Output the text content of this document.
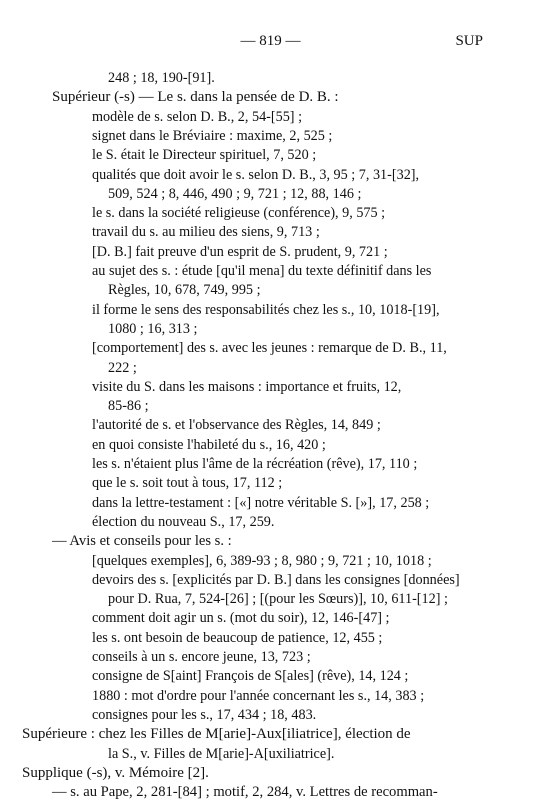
— 819 —	SUP
248 ; 18, 190-[91].
Supérieur (-s) — Le s. dans la pensée de D. B. :
modèle de s. selon D. B., 2, 54-[55] ;
signet dans le Bréviaire : maxime, 2, 525 ;
le S. était le Directeur spirituel, 7, 520 ;
qualités que doit avoir le s. selon D. B., 3, 95 ; 7, 31-[32],
509, 524 ; 8, 446, 490 ; 9, 721 ; 12, 88, 146 ;
le s. dans la société religieuse (conférence), 9, 575 ;
travail du s. au milieu des siens, 9, 713 ;
[D. B.] fait preuve d'un esprit de S. prudent, 9, 721 ;
au sujet des s. : étude [qu'il mena] du texte définitif dans les
Règles, 10, 678, 749, 995 ;
il forme le sens des responsabilités chez les s., 10, 1018-[19],
1080 ; 16, 313 ;
[comportement] des s. avec les jeunes : remarque de D. B., 11,
222 ;
visite du S. dans les maisons : importance et fruits, 12,
85-86 ;
l'autorité de s. et l'observance des Règles, 14, 849 ;
en quoi consiste l'habileté du s., 16, 420 ;
les s. n'étaient plus l'âme de la récréation (rêve), 17, 110 ;
que le s. soit tout à tous, 17, 112 ;
dans la lettre-testament : [«] notre véritable S. [»], 17, 258 ;
élection du nouveau S., 17, 259.
— Avis et conseils pour les s. :
[quelques exemples], 6, 389-93 ; 8, 980 ; 9, 721 ; 10, 1018 ;
devoirs des s. [explicités par D. B.] dans les consignes [données]
pour D. Rua, 7, 524-[26] ; [(pour les Sœurs)], 10, 611-[12] ;
comment doit agir un s. (mot du soir), 12, 146-[47] ;
les s. ont besoin de beaucoup de patience, 12, 455 ;
conseils à un s. encore jeune, 13, 723 ;
consigne de S[aint] François de S[ales] (rêve), 14, 124 ;
1880 : mot d'ordre pour l'année concernant les s., 14, 383 ;
consignes pour les s., 17, 434 ; 18, 483.
Supérieure : chez les Filles de M[arie]-Aux[iliatrice], élection de
la S., v. Filles de M[arie]-A[uxiliatrice].
Supplique (-s), v. Mémoire [2].
— s. au Pape, 2, 281-[84] ; motif, 2, 284, v. Lettres de recomman-
